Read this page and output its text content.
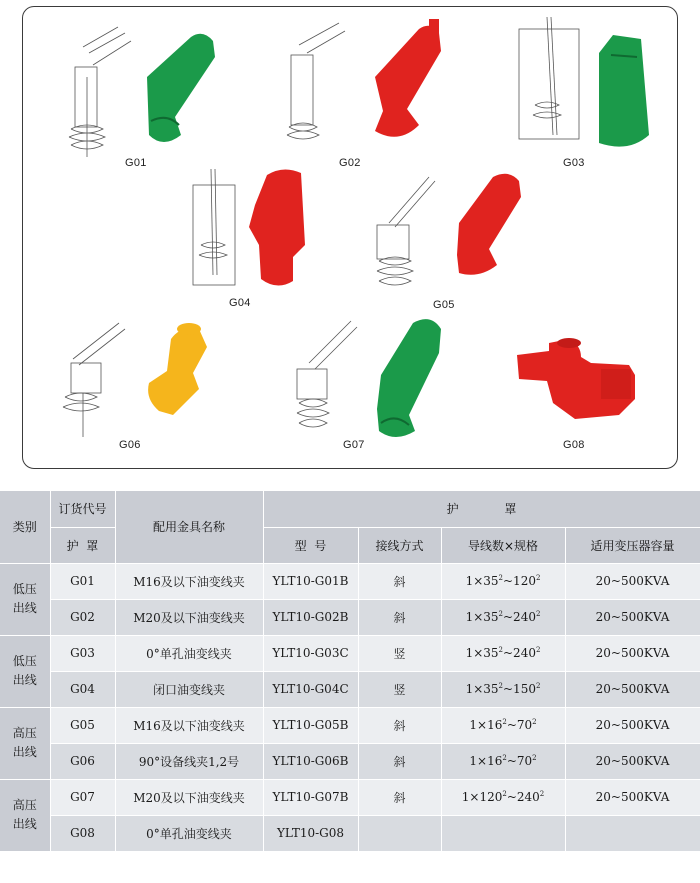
G01	G02	G03
G04	G05
G06	G07	G08
类别	订货代号	配用金具名称	护            罩			
	护  罩		型  号	接线方式	导线数×规格	适用变压器容量
低压
出线	G01	M16及以下油变线夹	YLT10-G01B	斜	$1\times 35^2\sim 120^2$	20~500KVA
	G02	M20及以下油变线夹	YLT10-G02B	斜	$1\times 35^2\sim 240^2$	20~500KVA
低压
出线	G03	0°单孔油变线夹	YLT10-G03C	竖	$1\times 35^2\sim 240^2$	20~500KVA
	G04	闭口油变线夹	YLT10-G04C	竖	$1\times 35^2\sim 150^2$	20~500KVA
高压
出线	G05	M16及以下油变线夹	YLT10-G05B	斜	$1\times 16^2\sim 70^2$	20~500KVA
	G06	90°设备线夹1,2号	YLT10-G06B	斜	$1\times 16^2\sim 70^2$	20~500KVA
高压
出线	G07	M20及以下油变线夹	YLT10-G07B	斜	$1\times 120^2\sim 240^2$	20~500KVA
	G08	0°单孔油变线夹	YLT10-G08			
